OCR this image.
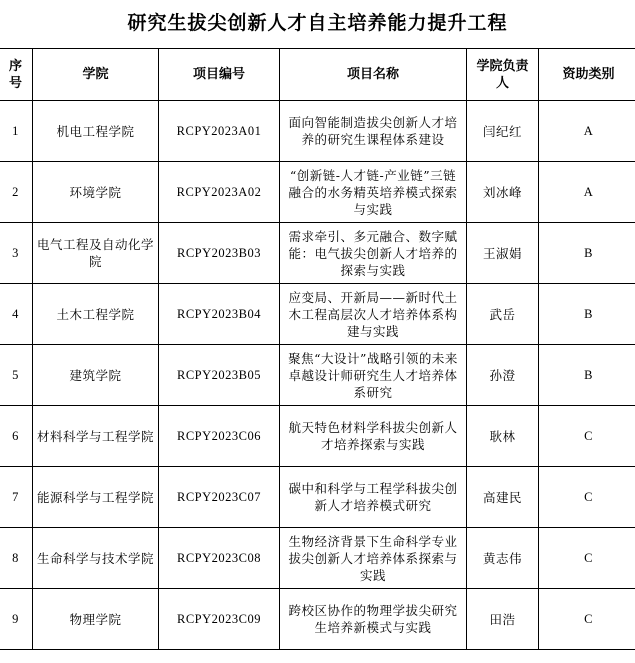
研究生拔尖创新人才自主培养能力提升工程
序号	学院	项目编号	项目名称	学院负责人	资助类别
1	机电工程学院	RCPY2023A01	面向智能制造拔尖创新人才培养的研究生课程体系建设	闫纪红	A
2	环境学院	RCPY2023A02	“创新链-人才链-产业链”三链融合的水务精英培养模式探索与实践	刘冰峰	A
3	电气工程及自动化学院	RCPY2023B03	需求牵引、多元融合、数字赋能：电气拔尖创新人才培养的探索与实践	王淑娟	B
4	土木工程学院	RCPY2023B04	应变局、开新局——新时代土木工程高层次人才培养体系构建与实践	武岳	B
5	建筑学院	RCPY2023B05	聚焦“大设计”战略引领的未来卓越设计师研究生人才培养体系研究	孙澄	B
6	材料科学与工程学院	RCPY2023C06	航天特色材料学科拔尖创新人才培养探索与实践	耿林	C
7	能源科学与工程学院	RCPY2023C07	碳中和科学与工程学科拔尖创新人才培养模式研究	高建民	C
8	生命科学与技术学院	RCPY2023C08	生物经济背景下生命科学专业拔尖创新人才培养体系探索与实践	黄志伟	C
9	物理学院	RCPY2023C09	跨校区协作的物理学拔尖研究生培养新模式与实践	田浩	C
